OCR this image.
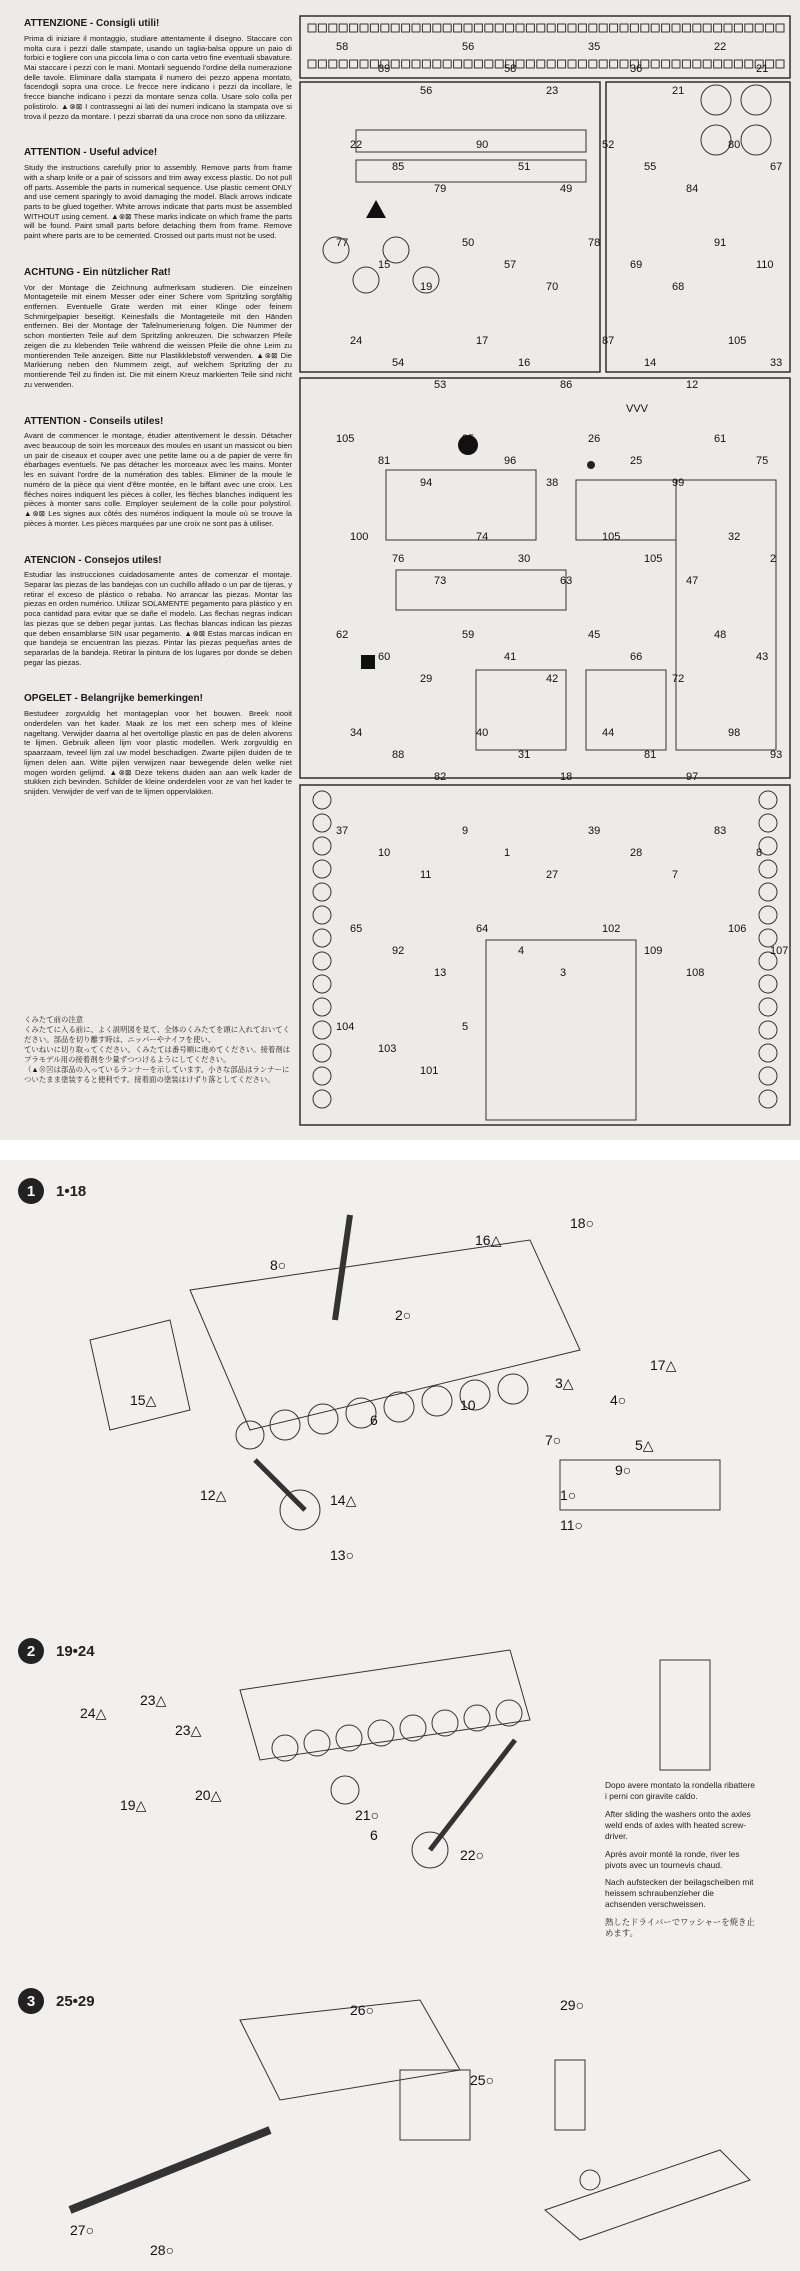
ATTENZIONE - Consigli utili!

Prima di iniziare il montaggio, studiare attentamente il disegno. Staccare con molta cura i pezzi dalle stampate, usando un taglia-balsa oppure un paio di forbici e togliere con una piccola lima o con carta vetro fine eventuali sbavature. Mai staccare i pezzi con le mani. Montarli seguendo l'ordine della numerazione delle tavole. Eliminare dalla stampata il numero dei pezzo appena montato, facendogli sopra una croce. Le frecce nere indicano i pezzi da incollare, le frecce bianche indicano i pezzi da montare senza colla. Usare solo colla per polistirolo. ▲⊗⊠ I contrassegni ai lati dei numeri indicano la stampata ove si trova il pezzo da montare. I pezzi sbarrati da una croce non sono da utilizzare.

ATTENTION - Useful advice!

Study the instructions carefully prior to assembly. Remove parts from frame with a sharp knife or a pair of scissors and trim away excess plastic. Do not pull off parts. Assemble the parts in numerical sequence. Use plastic cement ONLY and use cement sparingly to avoid damaging the model. Black arrows indicate parts to be glued together. White arrows indicate that parts must be assembled WITHOUT using cement. ▲⊗⊠ These marks indicate on which frame the parts will be found. Paint small parts before detaching them from frame. Remove paint where parts are to be cemented. Crossed out parts must not be used.

ACHTUNG - Ein nützlicher Rat!

Vor der Montage die Zeichnung aufmerksam studieren. Die einzelnen Montageteile mit einem Messer oder einer Schere vom Spritzling sorgfältig entfernen. Eventuelle Grate werden mit einer Klinge oder feinem Schmirgelpapier beseitigt. Keinesfalls die Montageteile mit den Händen entfernen. Bei der Montage der Tafelnumerierung folgen. Die Nummer der schon montierten Teile auf dem Spritzling ankreuzen. Die schwarzen Pfeile zeigen die zu klebenden Teile während die weissen Pfeile die ohne Leim zu montierenden Teile anzeigen. Bitte nur Plastikklebstoff verwenden. ▲⊗⊠ Die Markierung neben den Nummern zeigt, auf welchem Spritzling der zu montierende Teil zu finden ist. Die mit einem Kreuz markierten Teile sind nicht zu verwenden.

ATTENTION - Conseils utiles!

Avant de commencer le montage, étudier attentivement le dessin. Détacher avec beaucoup de soin les morceaux des moules en usant un massicot ou bien un pair de ciseaux et couper avec une petite lame ou a de papier de verre fin ébarbages eventuels. Ne pas détacher les morceaux avec les mains. Monter les en suivant l'ordre de la numération des tables. Eliminer de la moule le numéro de la pièce qui vient d'être montée, en le biffant avec une croix. Les flèches noires indiquent les pièces à coller, les flèches blanches indiquent les pièces à monter sans colle. Employer seulement de la colle pour polystirol. ▲⊗⊠ Les signes aux côtés des numéros indiquent la moule où se trouve la pièces à monter. Les pièces marquées par une croix ne sont pas à utiliser.

ATENCION - Consejos utiles!

Estudiar las instrucciones cuidadosamente antes de comenzar el montaje. Separar las piezas de las bandejas con un cuchillo afilado o un par de tijeras, y retirar el exceso de plástico o rebaba. No arrancar las piezas. Montar las piezas en orden numérico. Utilizar SOLAMENTE pegamento para plástico y en poca cantidad para evitar que se dañe el modelo. Las flechas negras indican las piezas que se deben pegar juntas. Las flechas blancas indican las piezas que deben ensamblarse SIN usar pegamento. ▲⊗⊠ Estas marcas indican en que bandeja se encuentran las piezas. Pintar las piezas pequeñas antes de separarlas de la bandeja. Retirar la pintura de los lugares por donde se deben pegar las piezas.

OPGELET - Belangrijke bemerkingen!

Bestudeer zorgvuldig het montageplan voor het bouwen. Breek nooit onderdelen van het kader. Maak ze los met een scherp mes of kleine nageltang. Verwijder daarna al het overtollige plastic en pas de delen alvorens te lijmen. Gebruik alleen lijm voor plastic modellen. Werk zorgvuldig en spaarzaam, teveel lijm zal uw model beschadigen. Zwarte pijlen duiden de te lijmen delen aan. Witte pijlen verwijzen naar bewegende delen welke niet mogen worden gelijmd. ▲⊗⊠ Deze tekens duiden aan aan welk kader de stukken zich bevinden. Schilder de kleine onderdelen voor ze van het kader te snijden. Verwijder de verf van de te lijmen oppervlakken.

くみたて前の注意

くみたてに入る前に、よく説明図を見て、全体のくみたてを頭に入れておいてください。部品を切り離す時は、ニッパーやナイフを使い、

ていねいに切り取ってください。くみたては番号順に進めてください。接着剤はプラモデル用の接着剤を少量ずつつけるようにしてください。

（▲⊗⊠は部品の入っているランナーを示しています。小さな部品はランナーについたまま塗装すると便利です。接着面の塗装はけずり落としてください。

58
89
56
56
58
23
35
36
21
22
21
22
85
79
90
51
49
52
55
84
80
67
77
15
19
50
57
70
78
69
68
91
110
24
54
53
17
16
86
87
14
12
105
33
105
81
94
95
96
38
26
25
99
61
75
100
76
73
74
30
63
105
105
47
32
2
62
60
29
59
41
42
45
66
72
48
43
34
88
82
40
31
18
44
81
97
98
93
37
10
11
9
1
27
39
28
7
83
8
65
92
13
64
4
3
102
109
108
106
107
104
103
101
5
VVV
16△
18○
8○
2○
17△
3△
4○
5△
15△	10
6
7○
9○
1○
12△
11○
14△
13○
1	1•18
24△
23△
23△
19△
20△
21○
6
22○
2	19•24

Dopo avere montato la rondella ribattere i perni con giravite caldo.

After sliding the washers onto the axles weld ends of axles with heated screw-driver.

Après avoir monté la ronde, river les pivots avec un tournevis chaud.

Nach aufstecken der beilagscheiben mit heissem schraubenzieher die achsenden verschweissen.

熱したドライバーでワッシャーを焼き止めます。

26○	29○
25○
27○
28○
3	25•29
